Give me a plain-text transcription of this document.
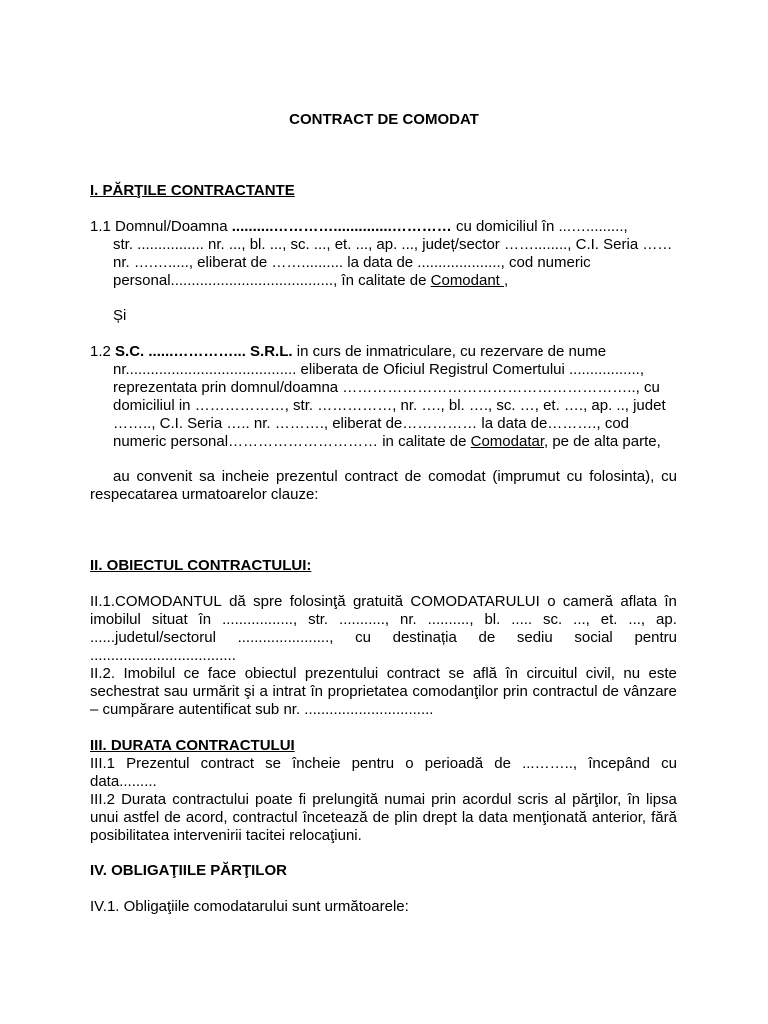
CONTRACT DE COMODAT
I. PĂRŢILE CONTRACTANTE
1.1 Domnul/Doamna ..........…………..............………… cu domiciliul în ...….........,
str. ................ nr. ..., bl. ..., sc. ..., et. ..., ap. ..., județ/sector ……........, C.I. Seria ……
nr. ….…....., eliberat de …….......... la data de ...................., cod numeric
personal......................................., în calitate de Comodant ,
Și
1.2 S.C. ......…………... S.R.L. in curs de inmatriculare, cu rezervare de nume
nr......................................... eliberata de Oficiul Registrul Comertului .................,
reprezentata prin domnul/doamna ………………………………………………….., cu
domiciliul in ………………, str. ……………, nr. …., bl. …., sc. …, et. …., ap. .., judet
…….., C.I. Seria ….. nr. ………., eliberat de…………… la data de………., cod
numeric personal………………………… in calitate de Comodatar, pe de alta parte,
au convenit sa incheie prezentul contract de comodat (imprumut cu folosinta), cu
respecatarea urmatoarelor clauze:
II. OBIECTUL CONTRACTULUI:
II.1.COMODANTUL dă spre folosinţă gratuită COMODATARULUI o cameră aflata în
imobilul situat în ................., str. ..........., nr. .........., bl. ..... sc. ..., et. ..., ap.
......judetul/sectorul ......................, cu destinația de sediu social pentru
...................................
II.2. Imobilul ce face obiectul prezentului contract se află în circuitul civil, nu este
sechestrat sau urmărit şi a intrat în proprietatea comodanţilor prin contractul de vânzare
– cumpărare autentificat sub nr. ...............................
III. DURATA CONTRACTULUI
III.1 Prezentul contract se încheie pentru o perioadă de ...…….., începând cu
data.........
III.2 Durata contractului poate fi prelungită numai prin acordul scris al părţilor, în lipsa
unui astfel de acord, contractul încetează de plin drept la data menţionată anterior, fără
posibilitatea intervenirii tacitei relocaţiuni.
IV. OBLIGAŢIILE PĂRŢILOR
IV.1. Obligaţiile comodatarului sunt următoarele:
